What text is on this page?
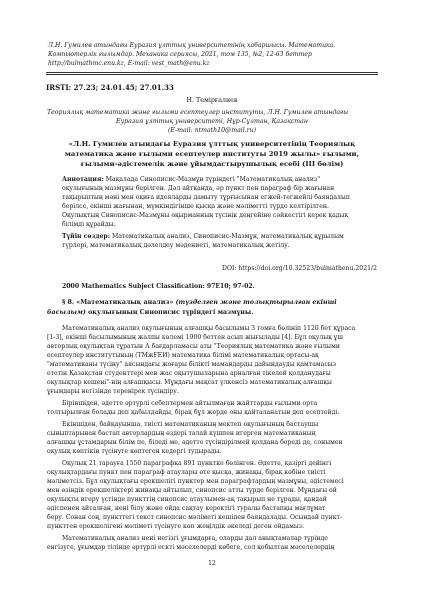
Л.Н. Гумилев атындағы Еуразия ұлттық университетінің хабаршысы. Математика.
Компьютерлік ғылымдар. Механика сериясы, 2021, том 135, №2, 12-63 беттер
http://bulmathmc.enu.kz, E-mail: vest_math@enu.kz
IRSTI: 27.23; 24.01.45; 27.01.33
Н. Темірғалиев
Теориялық математика және ғылыми есептеулер институты, Л.Н. Гумилев атындағы
Еуразия ұлттық университеті, Нұр-Сұлтан, Қазақстан
(E-mail: ntmath10@mail.ru)
«Л.Н. Гумилев атындағы Еуразия ұлттық университетінің Теориялық
математика және ғылыми есептеулер институты 2019 жылы» ғылыми,
ғылыми-әдістемелік және ұйымдастырушылық есебі (III бөлім)
Аннотация: Мақалада Синописис-Мазмұн түріндегі "Математикалық анализ"
оқулығының мазмұны берілген. Дәл айтқанда, әр пункт пен параграф бір жағынан
тақырыптың мәні мен оқиға идеяларды дамыту тұрғысынан егжей-тегжейлі баяндалып
берілсе, екінші жағынан, мүмкіндігінше қысқа және мәліметті түрде келтірілген.
Оқулықтың Синописис-Мазмұны оқырманның түсінік деңгейіне сәйкестігі керек қадық
білімді құрайды.
Түйін сөздер: Математикалық анализ, Синописис-Мазмұн, математикалық құрылым
түрлері, математикалық дәлелдеу мәдениеті, математикалық жетілу.
DOI: https://doi.org/10.32523/bulmathenu.2021/2
2000 Mathematics Subject Classification: 97E10; 97-02.
§ 8. «Математикалық анализ» (түзделген және толықтырылған екінші
басылым) оқулығының Синописис түріндегі мазмұны.
Математикалық анализ оқулығының алғашқы басылымы 3 томға бөлініп 1120 бет құраса
[1-3], екінші басылымының жалпы көлемі 1900 беттен асып жығылады [4]. Бұл оқулық ұш
авторлық оқулықтан тұратын А бағдарламасы аты "Теориялық математика және ғылыми
есептеулер институтының (ТМжҒЕИ) математика білімі математикалық ортасы-ақ
"математиканы түсіну" аясындағы жоғары білікті мамандарды дайындауды қамтамасыз
ететін Қазақстан студенттері мен жас оқытушыларына арналған тікелей қолданудағы
оқулықтар кешені"-нің алғашқысы. Мұндағы мақсат үлкенсіз математикалық алғашқы
ұғымдары негізінде теренірек түсіндіру.
Біріншіден, әдетте әртүрлі себептермен айтылмаған жайттарды ғылыми орта
толтырылған болады деп қабылдайды, бірақ бұл жерде оны қайталанатын деп есептейді.
Екіншіден, байқауынша, тиісті математиканың мектеп оқулығының бастаушы
сыныптарынан бастап авторлардың өздері талай күшпен игерген математиканың
алғашқы ұстамдарын білім пе, біледі ме, әдетте түсіндірілмей қолдана береді де, сонымен
оқулық көптікін түсінуге көптеген кедергі тудырады.
Оқулық 21 тарауға 1550 параграфқа 891 пунктке бөлінген. Әдетте, қазіргі дейінгі
оқулықтардағы пункт пен параграф атаулары өте қысқа, жинақы, бірақ көбіне тиісті
мәліметсіз. Бұл оқулықтағы ерекшелігі пунктер мен параграфтардың мазмұны, әдістемесі
мен өзіндік ерекшеліктері жинақы айтылып, синопсис атты түрде берілген. Мұндағы ой
оқулықты игеру үстінде пункттің синопсис атаулымен-ақ тақырып не тұрады, қандай
әдіспенен айталған, нені білу және ойда сақтау керектігі туралы бастапқы мағлұмат
беру. Сонан соң, пункттегі текст синопсис мәліметі кешіпен баяндалады. Осындай пункт-
пункттен ерекшелігені мәліметі түсінуге көп жеңілдік әкеледі деген ойдамыз.
Математикалық анализ нені негізгі ұғымдарға, оларды дал анықтамалар түрінде
енгізуге, ұғымдар тілінде әртүрлі ескті мәселелерді көбеге, сол қобылтан мәселелердің
12
